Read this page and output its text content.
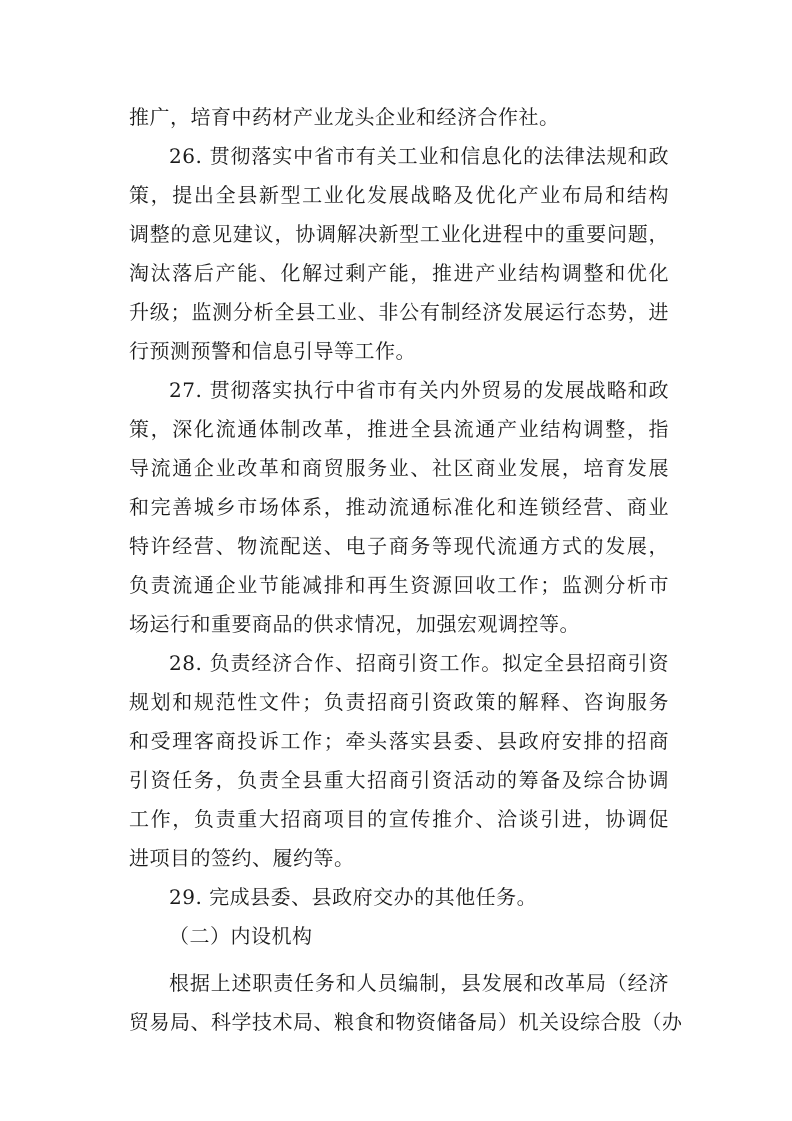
推广，培育中药材产业龙头企业和经济合作社。
26. 贯彻落实中省市有关工业和信息化的法律法规和政
策，提出全县新型工业化发展战略及优化产业布局和结构
调整的意见建议，协调解决新型工业化进程中的重要问题，
淘汰落后产能、化解过剩产能，推进产业结构调整和优化
升级；监测分析全县工业、非公有制经济发展运行态势，进
行预测预警和信息引导等工作。
27. 贯彻落实执行中省市有关内外贸易的发展战略和政
策，深化流通体制改革，推进全县流通产业结构调整，指
导流通企业改革和商贸服务业、社区商业发展，培育发展
和完善城乡市场体系，推动流通标准化和连锁经营、商业
特许经营、物流配送、电子商务等现代流通方式的发展，
负责流通企业节能减排和再生资源回收工作；监测分析市
场运行和重要商品的供求情况，加强宏观调控等。
28. 负责经济合作、招商引资工作。拟定全县招商引资
规划和规范性文件；负责招商引资政策的解释、咨询服务
和受理客商投诉工作；牵头落实县委、县政府安排的招商
引资任务，负责全县重大招商引资活动的筹备及综合协调
工作，负责重大招商项目的宣传推介、洽谈引进，协调促
进项目的签约、履约等。
29. 完成县委、县政府交办的其他任务。
（二）内设机构
根据上述职责任务和人员编制，县发展和改革局（经济
贸易局、科学技术局、粮食和物资储备局）机关设综合股（办
